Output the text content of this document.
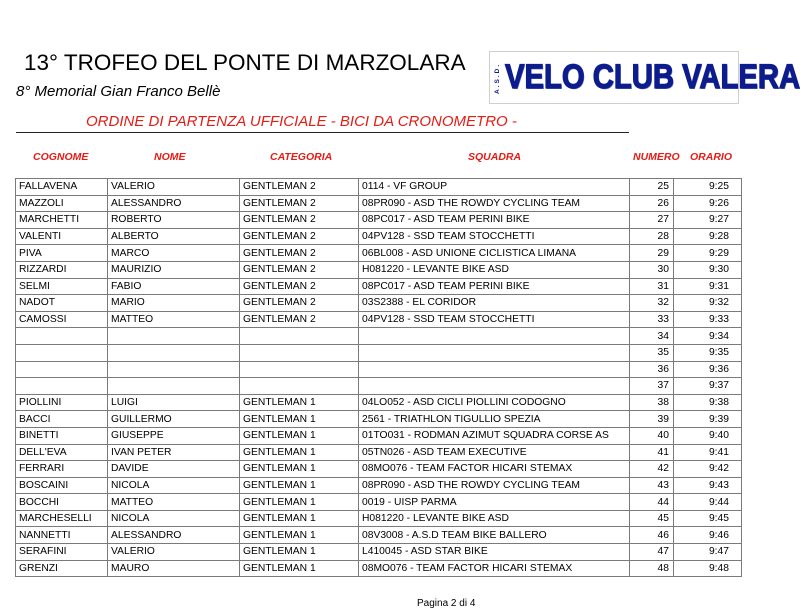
13° TROFEO DEL PONTE DI MARZOLARA
8° Memorial Gian Franco Bellè	A.S.D. VELO CLUB VALERA
ORDINE DI PARTENZA UFFICIALE - BICI DA CRONOMETRO -
COGNOME	NOME	CATEGORIA	SQUADRA	NUMERO ORARIO
FALLAVENA	VALERIO	GENTLEMAN 2	0114 - VF GROUP	25	9:25
MAZZOLI	ALESSANDRO	GENTLEMAN 2	08PR090 - ASD THE ROWDY CYCLING TEAM	26	9:26
MARCHETTI	ROBERTO	GENTLEMAN 2	08PC017 - ASD TEAM PERINI BIKE	27	9:27
VALENTI	ALBERTO	GENTLEMAN 2	04PV128 - SSD TEAM STOCCHETTI	28	9:28
PIVA	MARCO	GENTLEMAN 2	06BL008 - ASD UNIONE CICLISTICA LIMANA	29	9:29
RIZZARDI	MAURIZIO	GENTLEMAN 2	H081220 - LEVANTE BIKE ASD	30	9:30
SELMI	FABIO	GENTLEMAN 2	08PC017 - ASD TEAM PERINI BIKE	31	9:31
NADOT	MARIO	GENTLEMAN 2	03S2388 - EL CORIDOR	32	9:32
CAMOSSI	MATTEO	GENTLEMAN 2	04PV128 - SSD TEAM STOCCHETTI	33	9:33
				34	9:34
				35	9:35
				36	9:36
				37	9:37
PIOLLINI	LUIGI	GENTLEMAN 1	04LO052 - ASD CICLI PIOLLINI CODOGNO	38	9:38
BACCI	GUILLERMO	GENTLEMAN 1	2561 - TRIATHLON TIGULLIO SPEZIA	39	9:39
BINETTI	GIUSEPPE	GENTLEMAN 1	01TO031 - RODMAN AZIMUT SQUADRA CORSE AS	40	9:40
DELL'EVA	IVAN PETER	GENTLEMAN 1	05TN026 - ASD TEAM EXECUTIVE	41	9:41
FERRARI	DAVIDE	GENTLEMAN 1	08MO076 - TEAM FACTOR HICARI STEMAX	42	9:42
BOSCAINI	NICOLA	GENTLEMAN 1	08PR090 - ASD THE ROWDY CYCLING TEAM	43	9:43
BOCCHI	MATTEO	GENTLEMAN 1	0019 - UISP PARMA	44	9:44
MARCHESELLI	NICOLA	GENTLEMAN 1	H081220 - LEVANTE BIKE ASD	45	9:45
NANNETTI	ALESSANDRO	GENTLEMAN 1	08V3008 - A.S.D TEAM BIKE BALLERO	46	9:46
SERAFINI	VALERIO	GENTLEMAN 1	L410045 - ASD STAR BIKE	47	9:47
GRENZI	MAURO	GENTLEMAN 1	08MO076 - TEAM FACTOR HICARI STEMAX	48	9:48
Pagina 2 di 4
